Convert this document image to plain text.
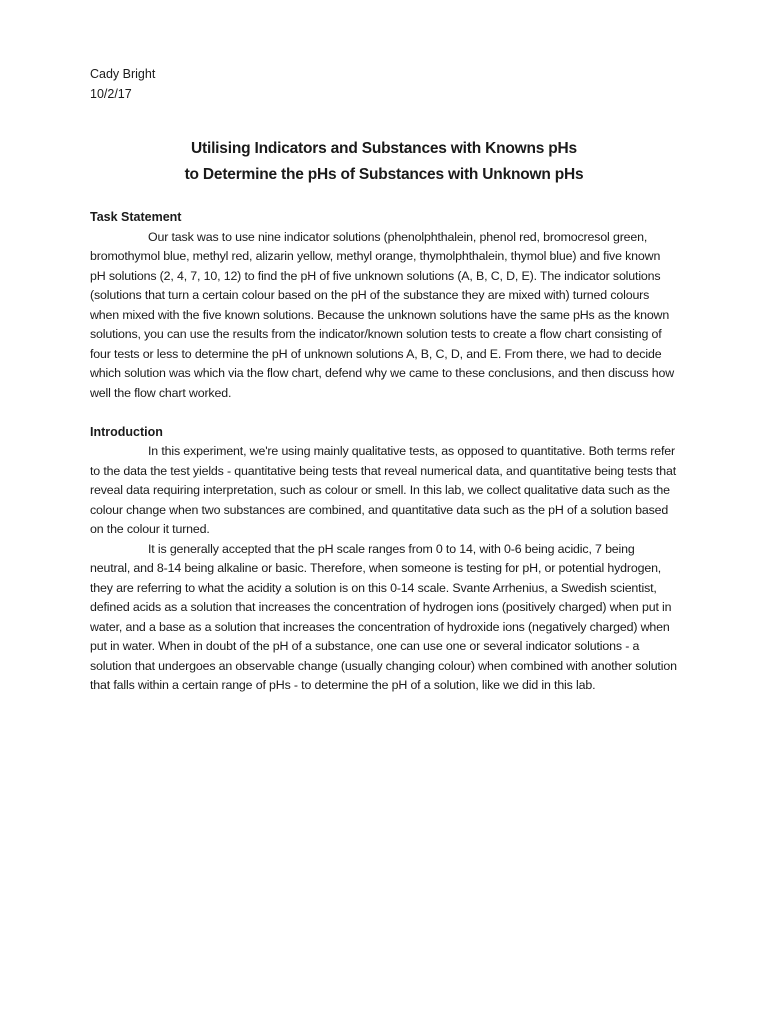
Cady Bright

10/2/17

Utilising Indicators and Substances with Knowns pHs

to Determine the pHs of Substances with Unknown pHs

Task Statement

Our task was to use nine indicator solutions (phenolphthalein, phenol red, bromocresol green, bromothymol blue, methyl red, alizarin yellow, methyl orange, thymolphthalein, thymol blue) and five known pH solutions (2, 4, 7, 10, 12) to find the pH of five unknown solutions (A, B, C, D, E). The indicator solutions (solutions that turn a certain colour based on the pH of the substance they are mixed with) turned colours when mixed with the five known solutions. Because the unknown solutions have the same pHs as the known solutions, you can use the results from the indicator/known solution tests to create a flow chart consisting of four tests or less to determine the pH of unknown solutions A, B, C, D, and E. From there, we had to decide which solution was which via the flow chart, defend why we came to these conclusions, and then discuss how well the flow chart worked.

Introduction

In this experiment, we're using mainly qualitative tests, as opposed to quantitative. Both terms refer to the data the test yields - quantitative being tests that reveal numerical data, and quantitative being tests that reveal data requiring interpretation, such as colour or smell. In this lab, we collect qualitative data such as the colour change when two substances are combined, and quantitative data such as the pH of a solution based on the colour it turned.

It is generally accepted that the pH scale ranges from 0 to 14, with 0-6 being acidic, 7 being neutral, and 8-14 being alkaline or basic. Therefore, when someone is testing for pH, or potential hydrogen, they are referring to what the acidity a solution is on this 0-14 scale. Svante Arrhenius, a Swedish scientist, defined acids as a solution that increases the concentration of hydrogen ions (positively charged) when put in water, and a base as a solution that increases the concentration of hydroxide ions (negatively charged) when put in water. When in doubt of the pH of a substance, one can use one or several indicator solutions - a solution that undergoes an observable change (usually changing colour) when combined with another solution that falls within a certain range of pHs - to determine the pH of a solution, like we did in this lab.
